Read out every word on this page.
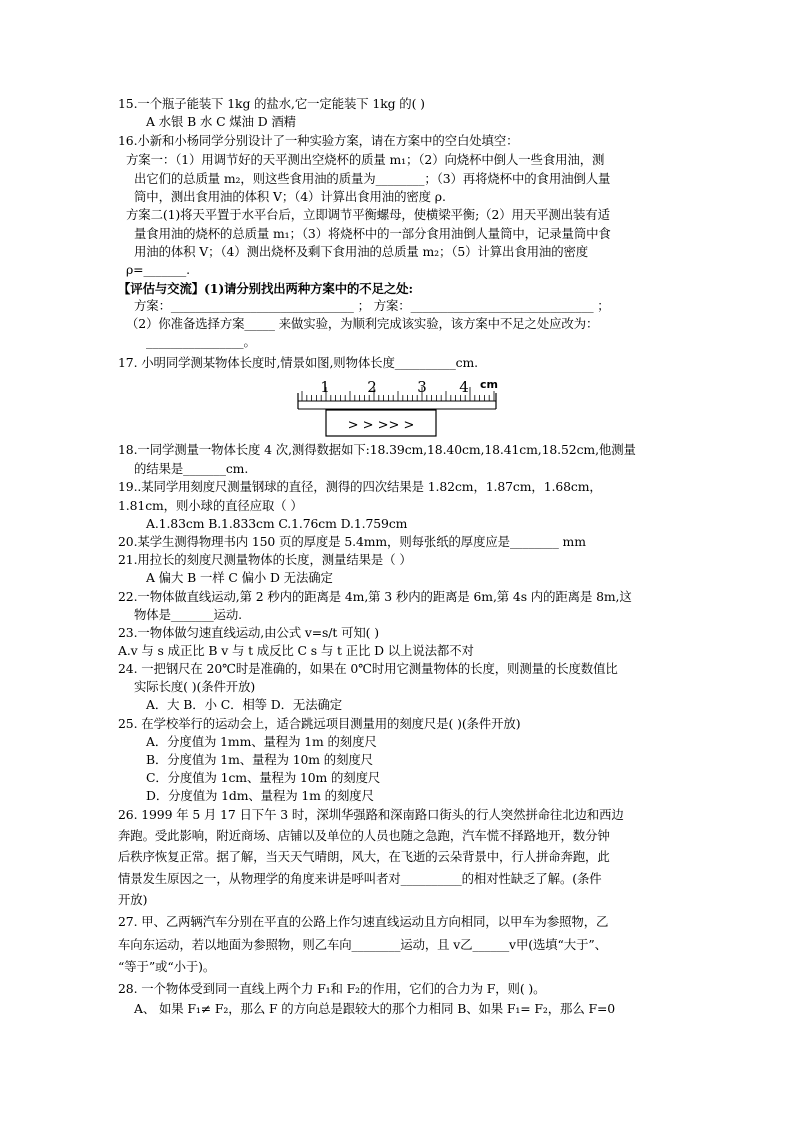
15.一个瓶子能装下 1kg 的盐水,它一定能装下 1kg 的( )
A 水银 B 水 C 煤油 D 酒精
16.小新和小杨同学分别设计了一种实验方案，请在方案中的空白处填空：
方案一：（1）用调节好的天平测出空烧杯的质量 m₁；（2）向烧杯中倒人一些食用油，测
出它们的总质量 m₂，则这些食用油的质量为________；（3）再将烧杯中的食用油倒人量
筒中，测出食用油的体积 V；（4）计算出食用油的密度 ρ.
方案二(1)将天平置于水平台后，立即调节平衡螺母，使横梁平衡;（2）用天平测出装有适
量食用油的烧杯的总质量 m₁；（3）将烧杯中的一部分食用油倒人量筒中，记录量筒中食
用油的体积 V；（4）测出烧杯及剩下食用油的总质量 m₂；（5）计算出食用油的密度
ρ=_______.
【评估与交流】(1)请分别找出两种方案中的不足之处:
方案：______________________________ ； 方案：______________________________ ；
（2）你准备选择方案_____ 来做实验，为顺利完成该实验，该方案中不足之处应改为：
________________。
17. 小明同学测某物体长度时,情景如图,则物体长度__________cm.
1 2	3 4 cm
> > >> >
18.一同学测量一物体长度 4 次,测得数据如下:18.39cm,18.40cm,18.41cm,18.52cm,他测量
的结果是_______cm.
19..某同学用刻度尺测量钢球的直径，测得的四次结果是 1.82cm，1.87cm，1.68cm，
1.81cm，则小球的直径应取（ ）
A.1.83cm B.1.833cm C.1.76cm D.1.759cm
20.某学生测得物理书内 150 页的厚度是 5.4mm，则每张纸的厚度应是________ mm
21.用拉长的刻度尺测量物体的长度，测量结果是（ ）
A 偏大 B 一样 C 偏小 D 无法确定
22.一物体做直线运动,第 2 秒内的距离是 4m,第 3 秒内的距离是 6m,第 4s 内的距离是 8m,这
物体是_______运动.
23.一物体做匀速直线运动,由公式 v=s/t 可知( )
A.v 与 s 成正比 B v 与 t 成反比 C s 与 t 正比 D 以上说法都不对
24. 一把钢尺在 20℃时是准确的，如果在 0℃时用它测量物体的长度，则测量的长度数值比
实际长度( )(条件开放)
A．大 B．小 C．相等 D．无法确定
25. 在学校举行的运动会上，适合跳远项目测量用的刻度尺是( )(条件开放)
A．分度值为 1mm、量程为 1m 的刻度尺
B．分度值为 1m、量程为 10m 的刻度尺
C．分度值为 1cm、量程为 10m 的刻度尺
D．分度值为 1dm、量程为 1m 的刻度尺
26. 1999 年 5 月 17 日下午 3 时，深圳华强路和深南路口街头的行人突然拼命往北边和西边
奔跑。受此影响，附近商场、店铺以及单位的人员也随之急跑，汽车慌不择路地开，数分钟
后秩序恢复正常。据了解，当天天气晴朗，风大，在飞逝的云朵背景中，行人拼命奔跑，此
情景发生原因之一，从物理学的角度来讲是呼叫者对__________的相对性缺乏了解。(条件
开放)
27. 甲、乙两辆汽车分别在平直的公路上作匀速直线运动且方向相同，以甲车为参照物，乙
车向东运动，若以地面为参照物，则乙车向________运动，且 v乙______v甲(选填“大于”、
“等于”或“小于)。
28. 一个物体受到同一直线上两个力 F₁和 F₂的作用，它们的合力为 F，则( )。
A、 如果 F₁≠ F₂，那么 F 的方向总是跟较大的那个力相同 B、如果 F₁= F₂，那么 F=0
